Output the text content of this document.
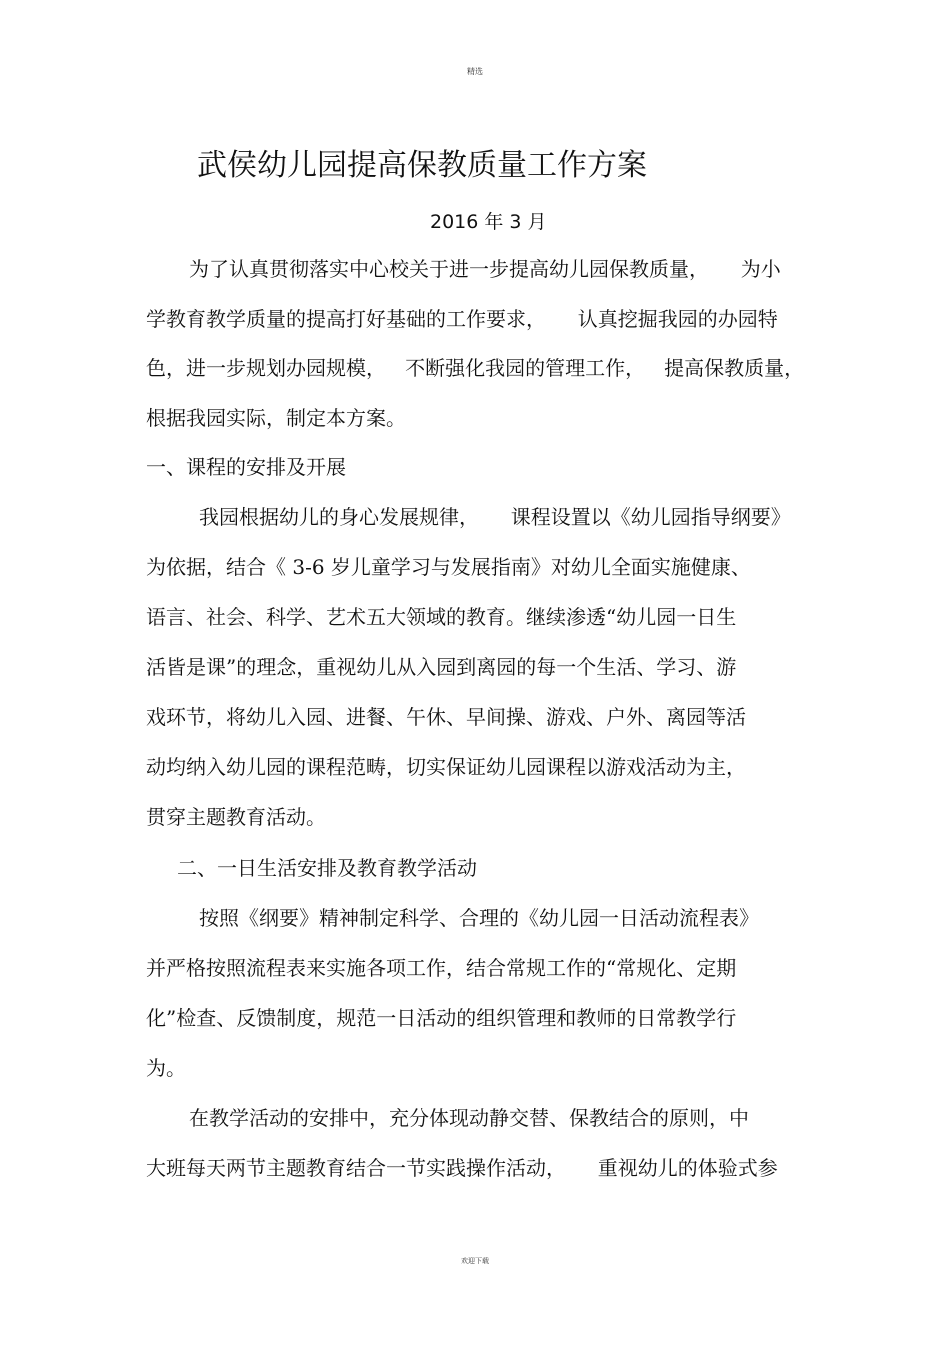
精选
武侯幼儿园提高保教质量工作方案
2016 年 3 月
为了认真贯彻落实中心校关于进一步提高幼儿园保教质量，     为小
学教育教学质量的提高打好基础的工作要求，     认真挖掘我园的办园特
色，进一步规划办园规模，   不断强化我园的管理工作，   提高保教质量，
根据我园实际，制定本方案。
一、课程的安排及开展
我园根据幼儿的身心发展规律，     课程设置以《幼儿园指导纲要》
为依据，结合《 3-6 岁儿童学习与发展指南》对幼儿全面实施健康、
语言、社会、科学、艺术五大领域的教育。继续渗透“幼儿园一日生
活皆是课”的理念，重视幼儿从入园到离园的每一个生活、学习、游
戏环节，将幼儿入园、进餐、午休、早间操、游戏、户外、离园等活
动均纳入幼儿园的课程范畴，切实保证幼儿园课程以游戏活动为主，
贯穿主题教育活动。
二、一日生活安排及教育教学活动
按照《纲要》精神制定科学、合理的《幼儿园一日活动流程表》
并严格按照流程表来实施各项工作，结合常规工作的“常规化、定期
化”检查、反馈制度，规范一日活动的组织管理和教师的日常教学行
为。
在教学活动的安排中，充分体现动静交替、保教结合的原则，中
大班每天两节主题教育结合一节实践操作活动，     重视幼儿的体验式参
欢迎下载
